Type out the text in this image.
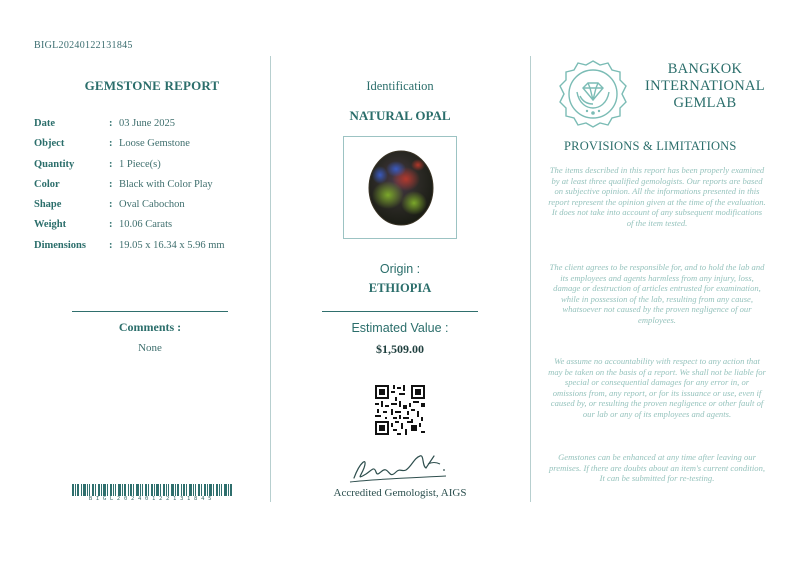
BIGL20240122131845
GEMSTONE REPORT
Date	: 03 June 2025
Object	: Loose Gemstone
Quantity	: 1 Piece(s)
Color	: Black with Color Play
Shape	: Oval Cabochon
Weight	: 10.06 Carats
Dimensions : 19.05 x 16.34 x 5.96 mm
Comments :
None
BIGL20240122131845
Identification
NATURAL OPAL
Origin :
ETHIOPIA
Estimated Value :
$1,509.00
Accredited Gemologist, AIGS
BANGKOK
INTERNATIONAL
GEMLAB
PROVISIONS & LIMITATIONS
The items described in this report has been properly examined by at least three qualified gemologists. Our reports are based on subjective opinion. All the informations presented in this report represent the opinion given at the time of the evaluation. It does not take into account of any subsequent modifications of the item tested.
The client agrees to be responsible for, and to hold the lab and its employees and agents harmless from any injury, loss, damage or destruction of articles entrusted for examination, while in possession of the lab, resulting from any cause, whatsoever not caused by the proven negligence of our employees.
We assume no accountability with respect to any action that may be taken on the basis of a report. We shall not be liable for special or consequential damages for any error in, or omissions from, any report, or for its issuance or use, even if caused by, or resulting the proven negligence or other fault of our lab or any of its employees and agents.
Gemstones can be enhanced at any time after leaving our premises. If there are doubts about an item's current condition, It can be submitted for re-testing.
